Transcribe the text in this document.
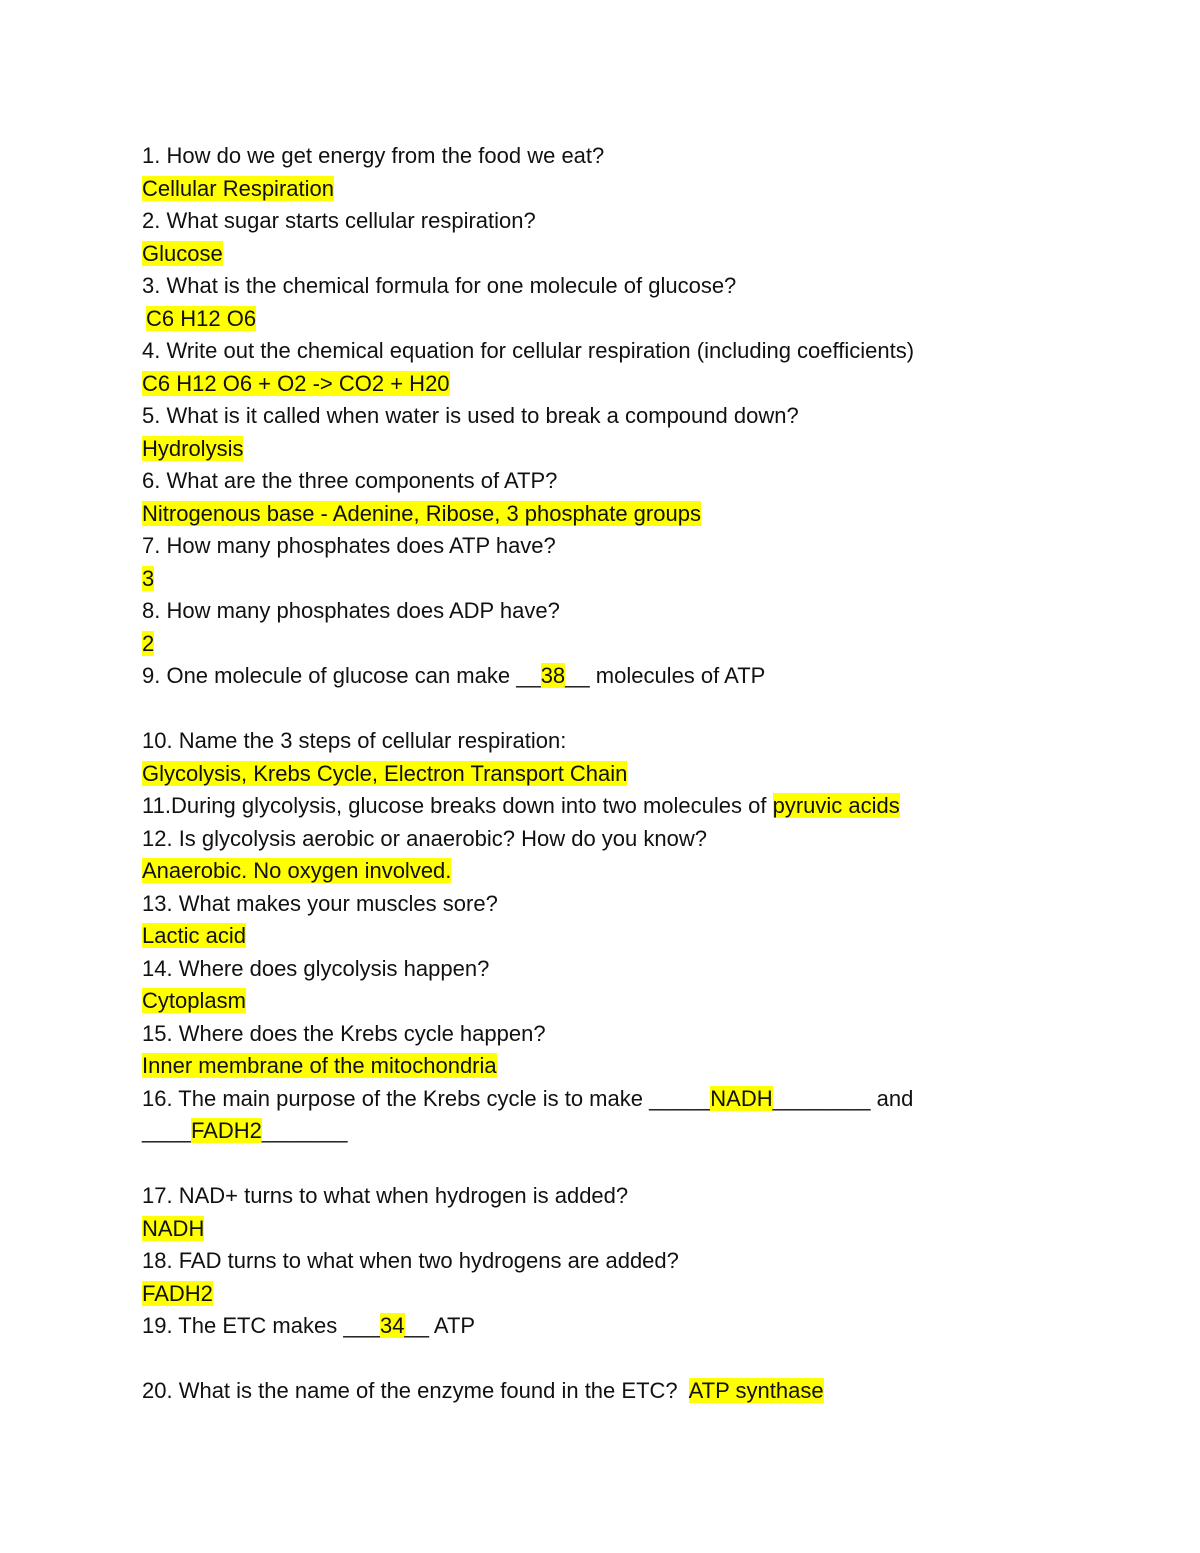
1. How do we get energy from the food we eat?
Cellular Respiration
2. What sugar starts cellular respiration?
Glucose
3. What is the chemical formula for one molecule of glucose?
C6 H12 O6
4. Write out the chemical equation for cellular respiration (including coefficients)
C6 H12 O6 + O2 -> CO2 + H20
5. What is it called when water is used to break a compound down?
Hydrolysis
6. What are the three components of ATP?
Nitrogenous base - Adenine, Ribose, 3 phosphate groups
7. How many phosphates does ATP have?
3
8. How many phosphates does ADP have?
2
9. One molecule of glucose can make __38__ molecules of ATP
10. Name the 3 steps of cellular respiration:
Glycolysis, Krebs Cycle, Electron Transport Chain
11.During glycolysis, glucose breaks down into two molecules of pyruvic acids
12. Is glycolysis aerobic or anaerobic? How do you know?
Anaerobic. No oxygen involved.
13. What makes your muscles sore?
Lactic acid
14. Where does glycolysis happen?
Cytoplasm
15. Where does the Krebs cycle happen?
Inner membrane of the mitochondria
16. The main purpose of the Krebs cycle is to make _____NADH________ and
____FADH2_______
17. NAD+ turns to what when hydrogen is added?
NADH
18. FAD turns to what when two hydrogens are added?
FADH2
19. The ETC makes ___34__ ATP
20. What is the name of the enzyme found in the ETC?  ATP synthase
